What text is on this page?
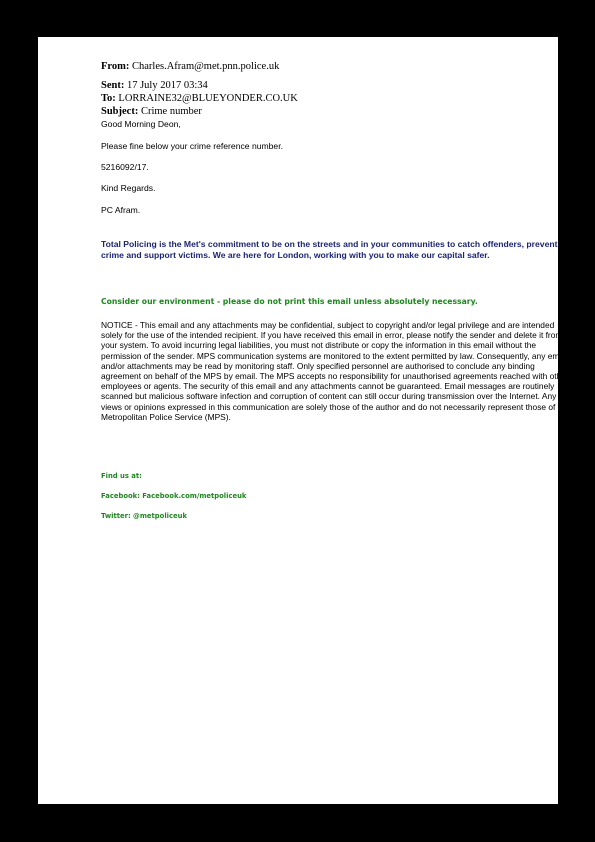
From: Charles.Afram@met.pnn.police.uk
Sent: 17 July 2017 03:34
To: LORRAINE32@BLUEYONDER.CO.UK
Subject: Crime number
Good Morning Deon,
Please fine below your crime reference number.
5216092/17.
Kind Regards.
PC Afram.
Total Policing is the Met's commitment to be on the streets and in your communities to catch offenders, prevent crime and support victims. We are here for London, working with you to make our capital safer.
Consider our environment - please do not print this email unless absolutely necessary.
NOTICE - This email and any attachments may be confidential, subject to copyright and/or legal privilege and are intended solely for the use of the intended recipient. If you have received this email in error, please notify the sender and delete it from your system. To avoid incurring legal liabilities, you must not distribute or copy the information in this email without the permission of the sender. MPS communication systems are monitored to the extent permitted by law. Consequently, any email and/or attachments may be read by monitoring staff. Only specified personnel are authorised to conclude any binding agreement on behalf of the MPS by email. The MPS accepts no responsibility for unauthorised agreements reached with other employees or agents. The security of this email and any attachments cannot be guaranteed. Email messages are routinely scanned but malicious software infection and corruption of content can still occur during transmission over the Internet. Any views or opinions expressed in this communication are solely those of the author and do not necessarily represent those of the Metropolitan Police Service (MPS).
Find us at:
Facebook: Facebook.com/metpoliceuk
Twitter: @metpoliceuk
3324
